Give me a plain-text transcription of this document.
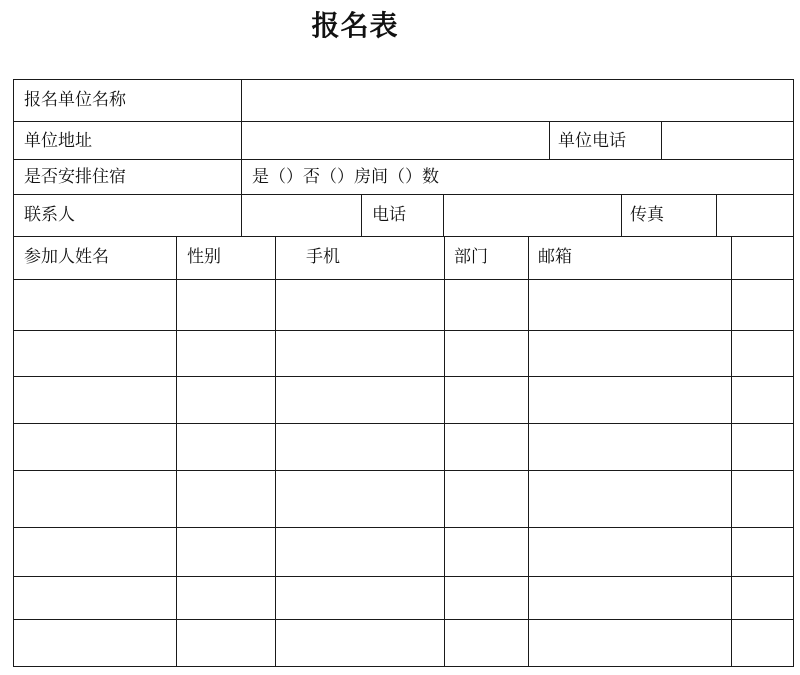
报名表
报名单位名称
单位地址	单位电话
是否安排住宿	是（）否（）房间（）数
联系人	电话	传真
参加人姓名	性别	手机	部门	邮箱
